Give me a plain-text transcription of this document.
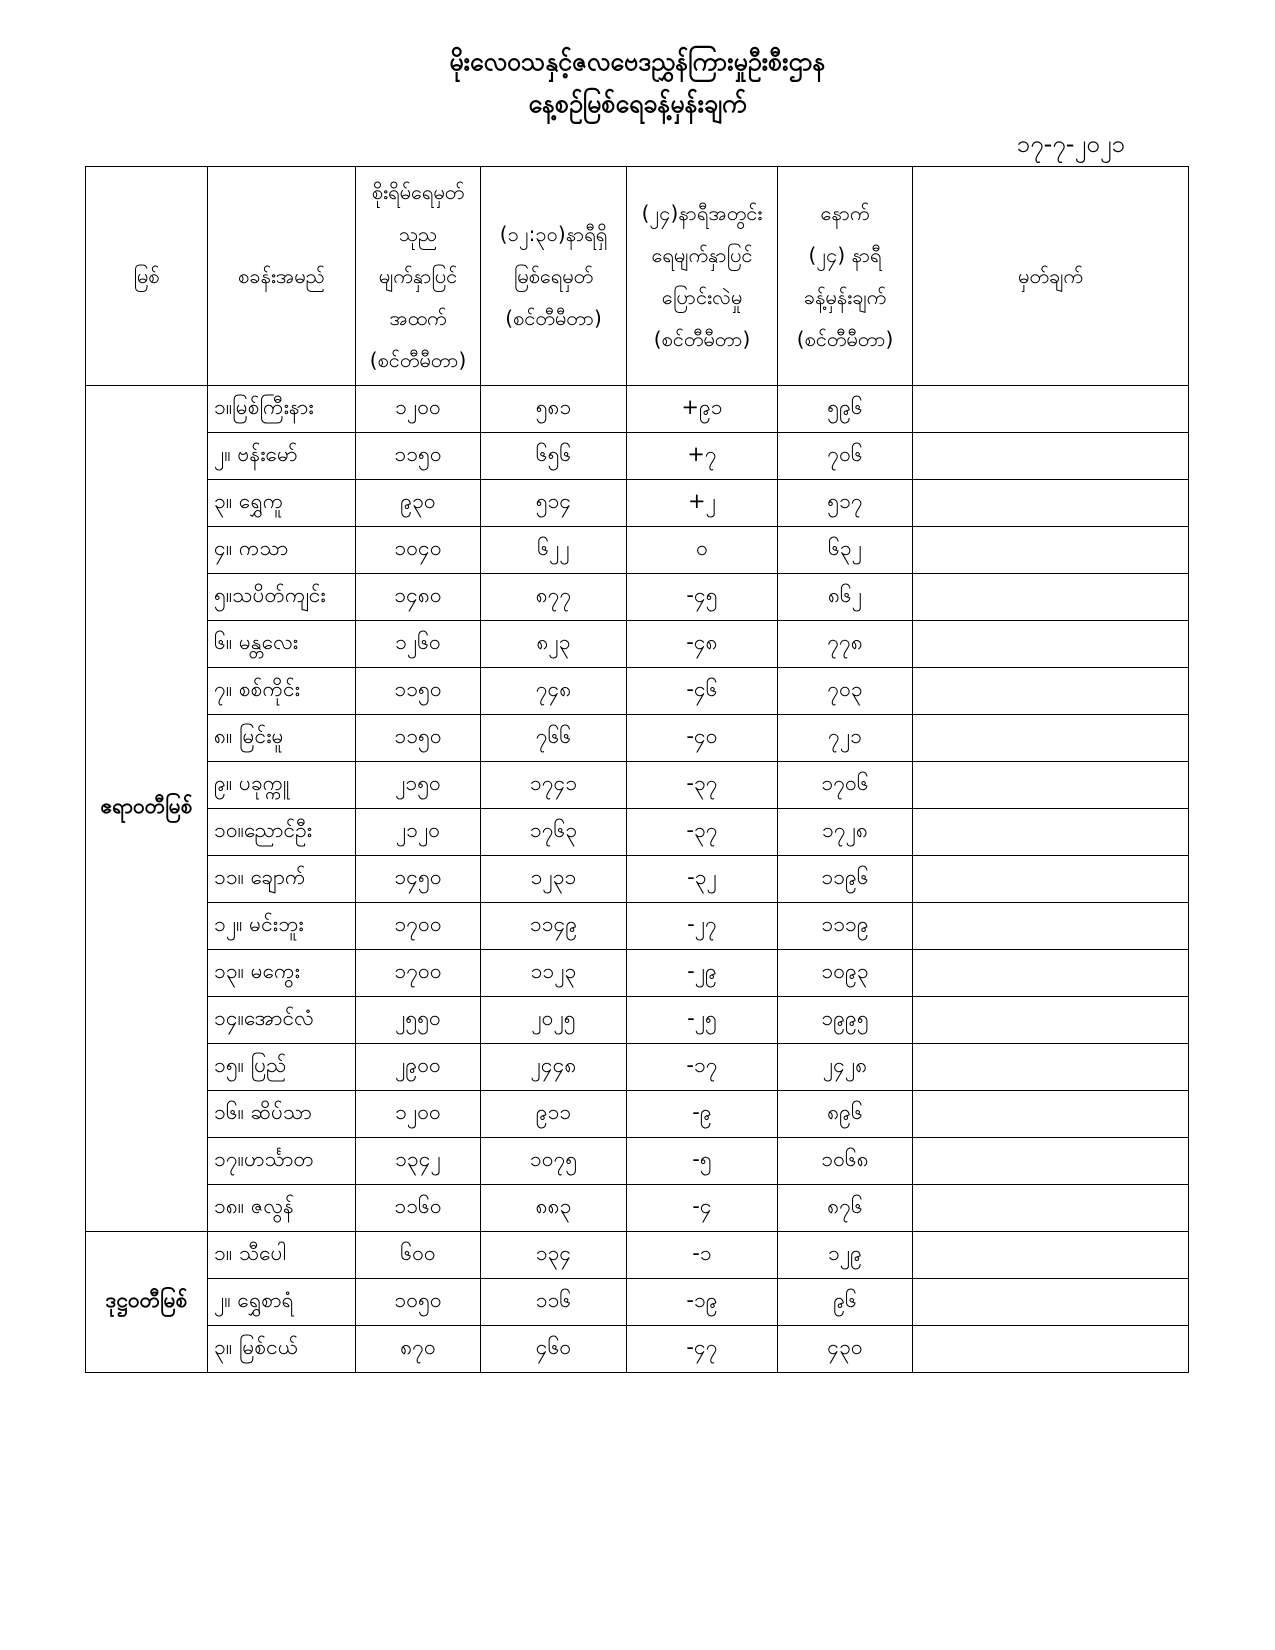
မိုးလေဝသနှင့်ဇလဗေဒညွှန်ကြားမှုဦးစီးဌာန
နေ့စဉ်မြစ်ရေခန့်မှန်းချက်
၁၇-၇-၂၀၂၁
မြစ်	စခန်းအမည်	စိုးရိမ်ရေမှတ်
သုည
မျက်နှာပြင်
အထက်
(စင်တီမီတာ)	(၁၂:၃၀)နာရီရှိ
မြစ်ရေမှတ်
(စင်တီမီတာ)	(၂၄)နာရီအတွင်း
ရေမျက်နှာပြင်
ပြောင်းလဲမှု
(စင်တီမီတာ)	နောက်
(၂၄) နာရီ
ခန့်မှန်းချက်
(စင်တီမီတာ)	မှတ်ချက်

ဧရာဝတီမြစ်	၁။မြစ်ကြီးနား	၁၂၀၀	၅၈၁	+၉၁	၅၉၆	
	၂။ ဗန်းမော်	၁၁၅၀	၆၅၆	+၇	၇၀၆	
	၃။ ရွှေကူ	၉၃၀	၅၁၄	+၂	၅၁၇	
	၄။ ကသာ	၁၀၄၀	၆၂၂	၀	၆၃၂	
	၅။သပိတ်ကျင်း	၁၄၈၀	၈၇၇	-၄၅	၈၆၂	
	၆။ မန္တလေး	၁၂၆၀	၈၂၃	-၄၈	၇၇၈	
	၇။ စစ်ကိုင်း	၁၁၅၀	၇၄၈	-၄၆	၇၀၃	
	၈။ မြင်းမူ	၁၁၅၀	၇၆၆	-၄၀	၇၂၁	
	၉။ ပခုက္ကူ	၂၁၅၀	၁၇၄၁	-၃၇	၁၇၀၆	
	၁၀။ညောင်ဦး	၂၁၂၀	၁၇၆၃	-၃၇	၁၇၂၈	
	၁၁။ ချောက်	၁၄၅၀	၁၂၃၁	-၃၂	၁၁၉၆	
	၁၂။ မင်းဘူး	၁၇၀၀	၁၁၄၉	-၂၇	၁၁၁၉	
	၁၃။ မကွေး	၁၇၀၀	၁၁၂၃	-၂၉	၁၀၉၃	
	၁၄။အောင်လံ	၂၅၅၀	၂၀၂၅	-၂၅	၁၉၉၅	
	၁၅။ ပြည်	၂၉၀၀	၂၄၄၈	-၁၇	၂၄၂၈	
	၁၆။ ဆိပ်သာ	၁၂၀၀	၉၁၁	-၉	၈၉၆	
	၁၇။ဟင်္သာတ	၁၃၄၂	၁၀၇၅	-၅	၁၀၆၈	
	၁၈။ ဇလွန်	၁၁၆၀	၈၈၃	-၄	၈၇၆	
ဒုဋ္ဌဝတီမြစ်	၁။ သီပေါ	၆၀၀	၁၃၄	-၁	၁၂၉	
	၂။ ရွှေစာရံ	၁၀၅၀	၁၁၆	-၁၉	၉၆	
	၃။ မြစ်ငယ်	၈၇၀	၄၆၀	-၄၇	၄၃၀	
